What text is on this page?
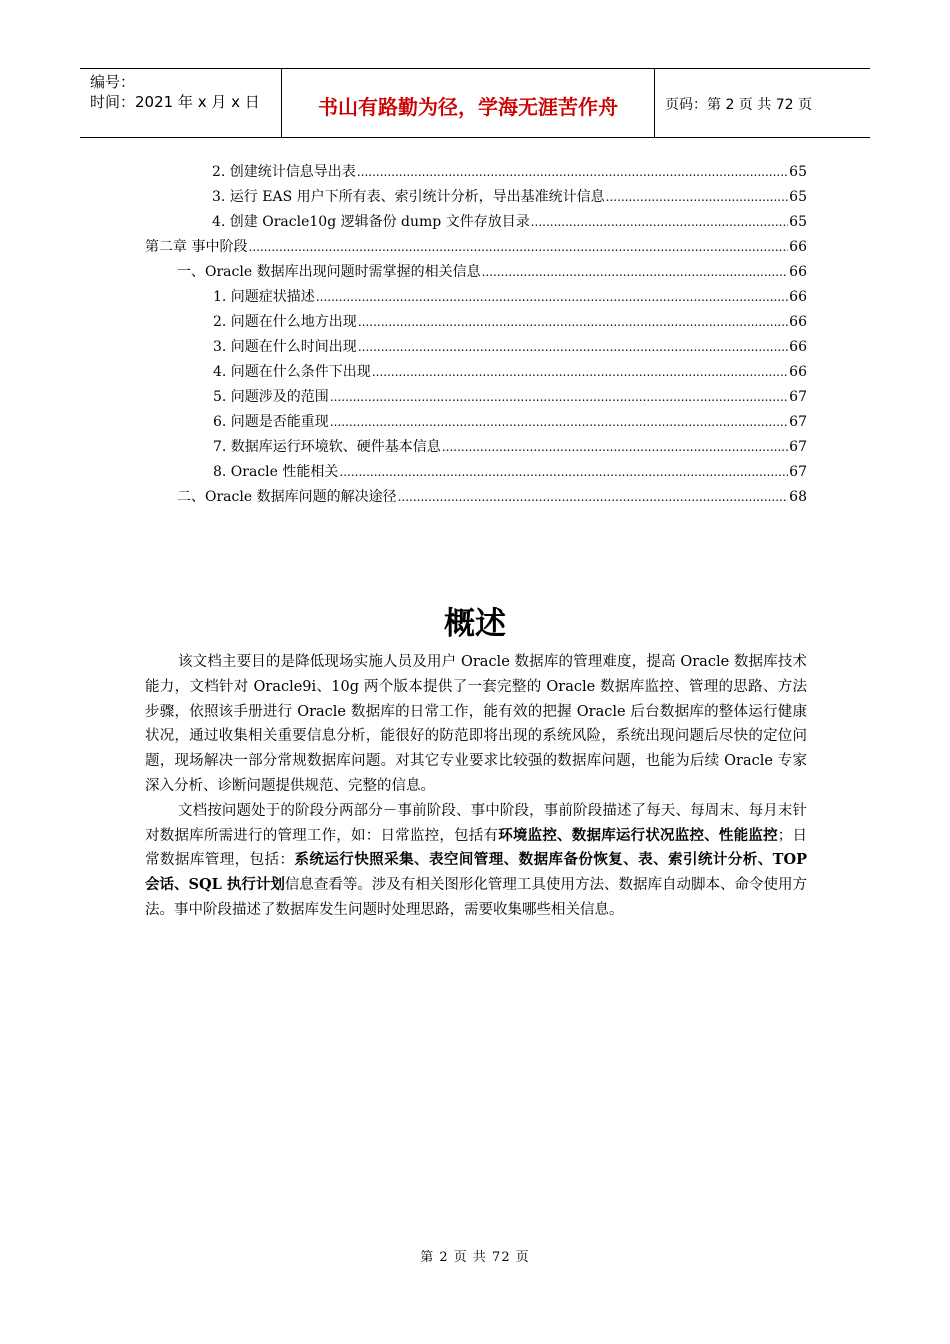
编号：
时间：2021 年 x 月 x 日	书山有路勤为径，学海无涯苦作舟	页码：第 2 页 共 72 页
2. 创建统计信息导出表 .....	65
3. 运行 EAS 用户下所有表、索引统计分析，导出基准统计信息 .....	65
4. 创建 Oracle10g 逻辑备份 dump 文件存放目录 .....	65
第二章 事中阶段 .....	66
一、Oracle 数据库出现问题时需掌握的相关信息 .....	66
1. 问题症状描述 .....	66
2. 问题在什么地方出现 .....	66
3. 问题在什么时间出现 .....	66
4. 问题在什么条件下出现 .....	66
5. 问题涉及的范围 .....	67
6. 问题是否能重现 .....	67
7. 数据库运行环境软、硬件基本信息 .....	67
8. Oracle 性能相关 .....	67
二、Oracle 数据库问题的解决途径 .....	68
概述

该文档主要目的是降低现场实施人员及用户 Oracle 数据库的管理难度，提高 Oracle 数据库技术能力，文档针对 Oracle9i、10g 两个版本提供了一套完整的 Oracle 数据库监控、管理的思路、方法步骤，依照该手册进行 Oracle 数据库的日常工作，能有效的把握 Oracle 后台数据库的整体运行健康状况，通过收集相关重要信息分析，能很好的防范即将出现的系统风险，系统出现问题后尽快的定位问题，现场解决一部分常规数据库问题。对其它专业要求比较强的数据库问题，也能为后续 Oracle 专家深入分析、诊断问题提供规范、完整的信息。

文档按问题处于的阶段分两部分－事前阶段、事中阶段，事前阶段描述了每天、每周末、每月末针对数据库所需进行的管理工作，如：日常监控，包括有环境监控、数据库运行状况监控、性能监控；日常数据库管理，包括：系统运行快照采集、表空间管理、数据库备份恢复、表、索引统计分析、TOP 会话、SQL 执行计划信息查看等。涉及有相关图形化管理工具使用方法、数据库自动脚本、命令使用方法。事中阶段描述了数据库发生问题时处理思路，需要收集哪些相关信息。

第 2 页 共 72 页
